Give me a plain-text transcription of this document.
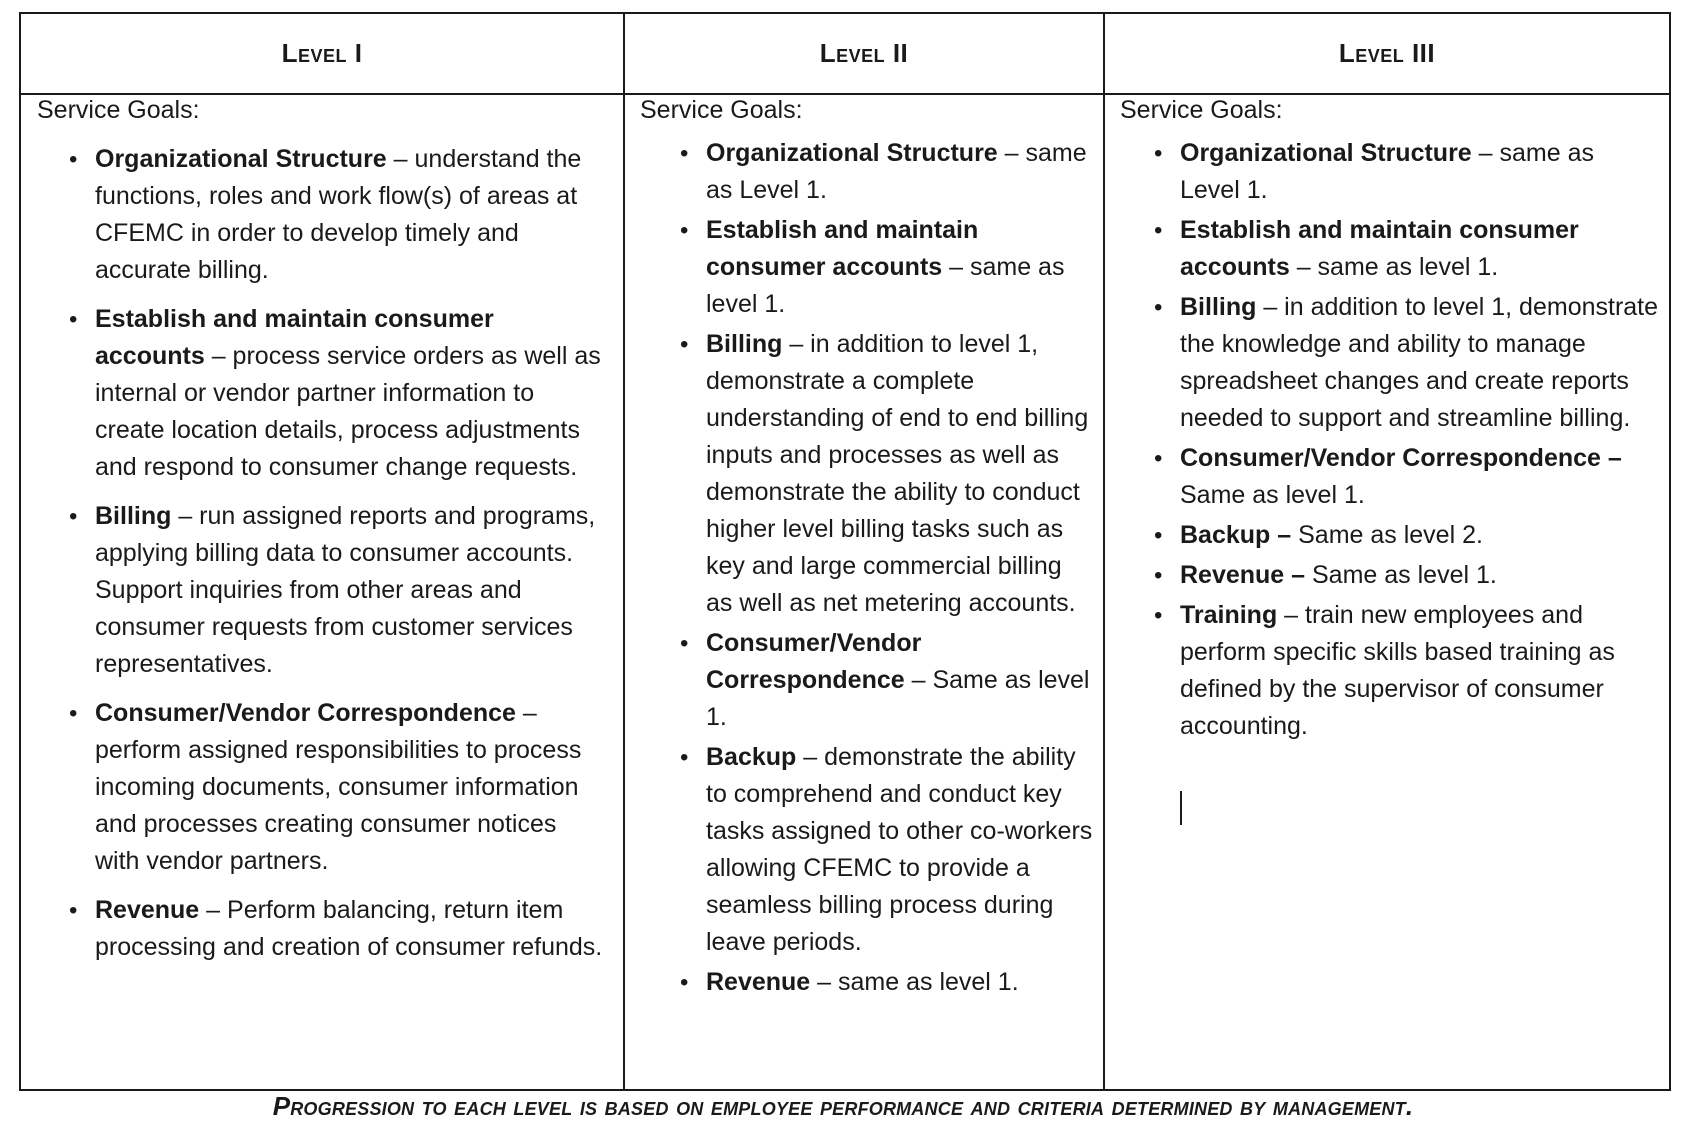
Level I
Service Goals:
• Organizational Structure – understand the functions, roles and work flow(s) of areas at CFEMC in order to develop timely and accurate billing.
• Establish and maintain consumer accounts – process service orders as well as internal or vendor partner information to create location details, process adjustments and respond to consumer change requests.
• Billing – run assigned reports and programs, applying billing data to consumer accounts. Support inquiries from other areas and consumer requests from customer services representatives.
• Consumer/Vendor Correspondence – perform assigned responsibilities to process incoming documents, consumer information and processes creating consumer notices with vendor partners.
• Revenue – Perform balancing, return item processing and creation of consumer refunds.
Level II
Service Goals:
• Organizational Structure – same as Level 1.
• Establish and maintain consumer accounts – same as level 1.
• Billing – in addition to level 1, demonstrate a complete understanding of end to end billing inputs and processes as well as demonstrate the ability to conduct higher level billing tasks such as key and large commercial billing as well as net metering accounts.
• Consumer/Vendor Correspondence – Same as level 1.
• Backup – demonstrate the ability to comprehend and conduct key tasks assigned to other co-workers allowing CFEMC to provide a seamless billing process during leave periods.
• Revenue – same as level 1.
Level III
Service Goals:
• Organizational Structure – same as Level 1.
• Establish and maintain consumer accounts – same as level 1.
• Billing – in addition to level 1, demonstrate the knowledge and ability to manage spreadsheet changes and create reports needed to support and streamline billing.
• Consumer/Vendor Correspondence – Same as level 1.
• Backup – Same as level 2.
• Revenue – Same as level 1.
• Training – train new employees and perform specific skills based training as defined by the supervisor of consumer accounting.
Progression to each level is based on employee performance and criteria determined by management.
